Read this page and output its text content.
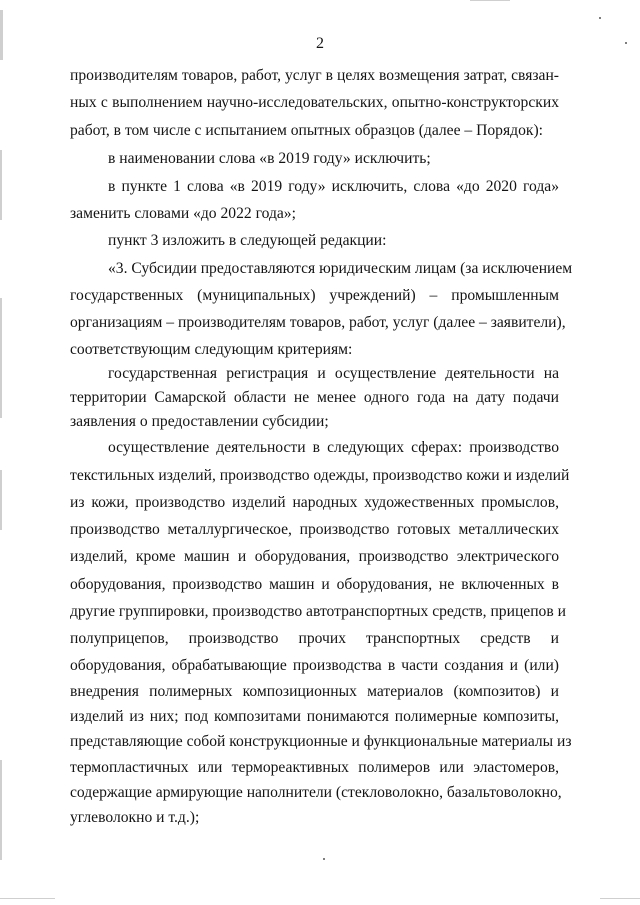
2
производителям товаров, работ, услуг в целях возмещения затрат, связан-
ных с выполнением научно-исследовательских, опытно-конструкторских
работ, в том числе с испытанием опытных образцов (далее – Порядок):
в наименовании слова «в 2019 году» исключить;
в пункте 1 слова «в 2019 году» исключить, слова «до 2020 года»
заменить словами «до 2022 года»;
пункт 3 изложить в следующей редакции:
«3. Субсидии предоставляются юридическим лицам (за исключением
государственных (муниципальных) учреждений) – промышленным
организациям – производителям товаров, работ, услуг (далее – заявители),
соответствующим следующим критериям:
государственная регистрация и осуществление деятельности на
территории Самарской области не менее одного года на дату подачи
заявления о предоставлении субсидии;
осуществление деятельности в следующих сферах: производство
текстильных изделий, производство одежды, производство кожи и изделий
из кожи, производство изделий народных художественных промыслов,
производство металлургическое, производство готовых металлических
изделий, кроме машин и оборудования, производство электрического
оборудования, производство машин и оборудования, не включенных в
другие группировки, производство автотранспортных средств, прицепов и
полуприцепов, производство прочих транспортных средств и
оборудования, обрабатывающие производства в части создания и (или)
внедрения полимерных композиционных материалов (композитов) и
изделий из них; под композитами понимаются полимерные композиты,
представляющие собой конструкционные и функциональные материалы из
термопластичных или термореактивных полимеров или эластомеров,
содержащие армирующие наполнители (стекловолокно, базальтоволокно,
углеволокно и т.д.);
